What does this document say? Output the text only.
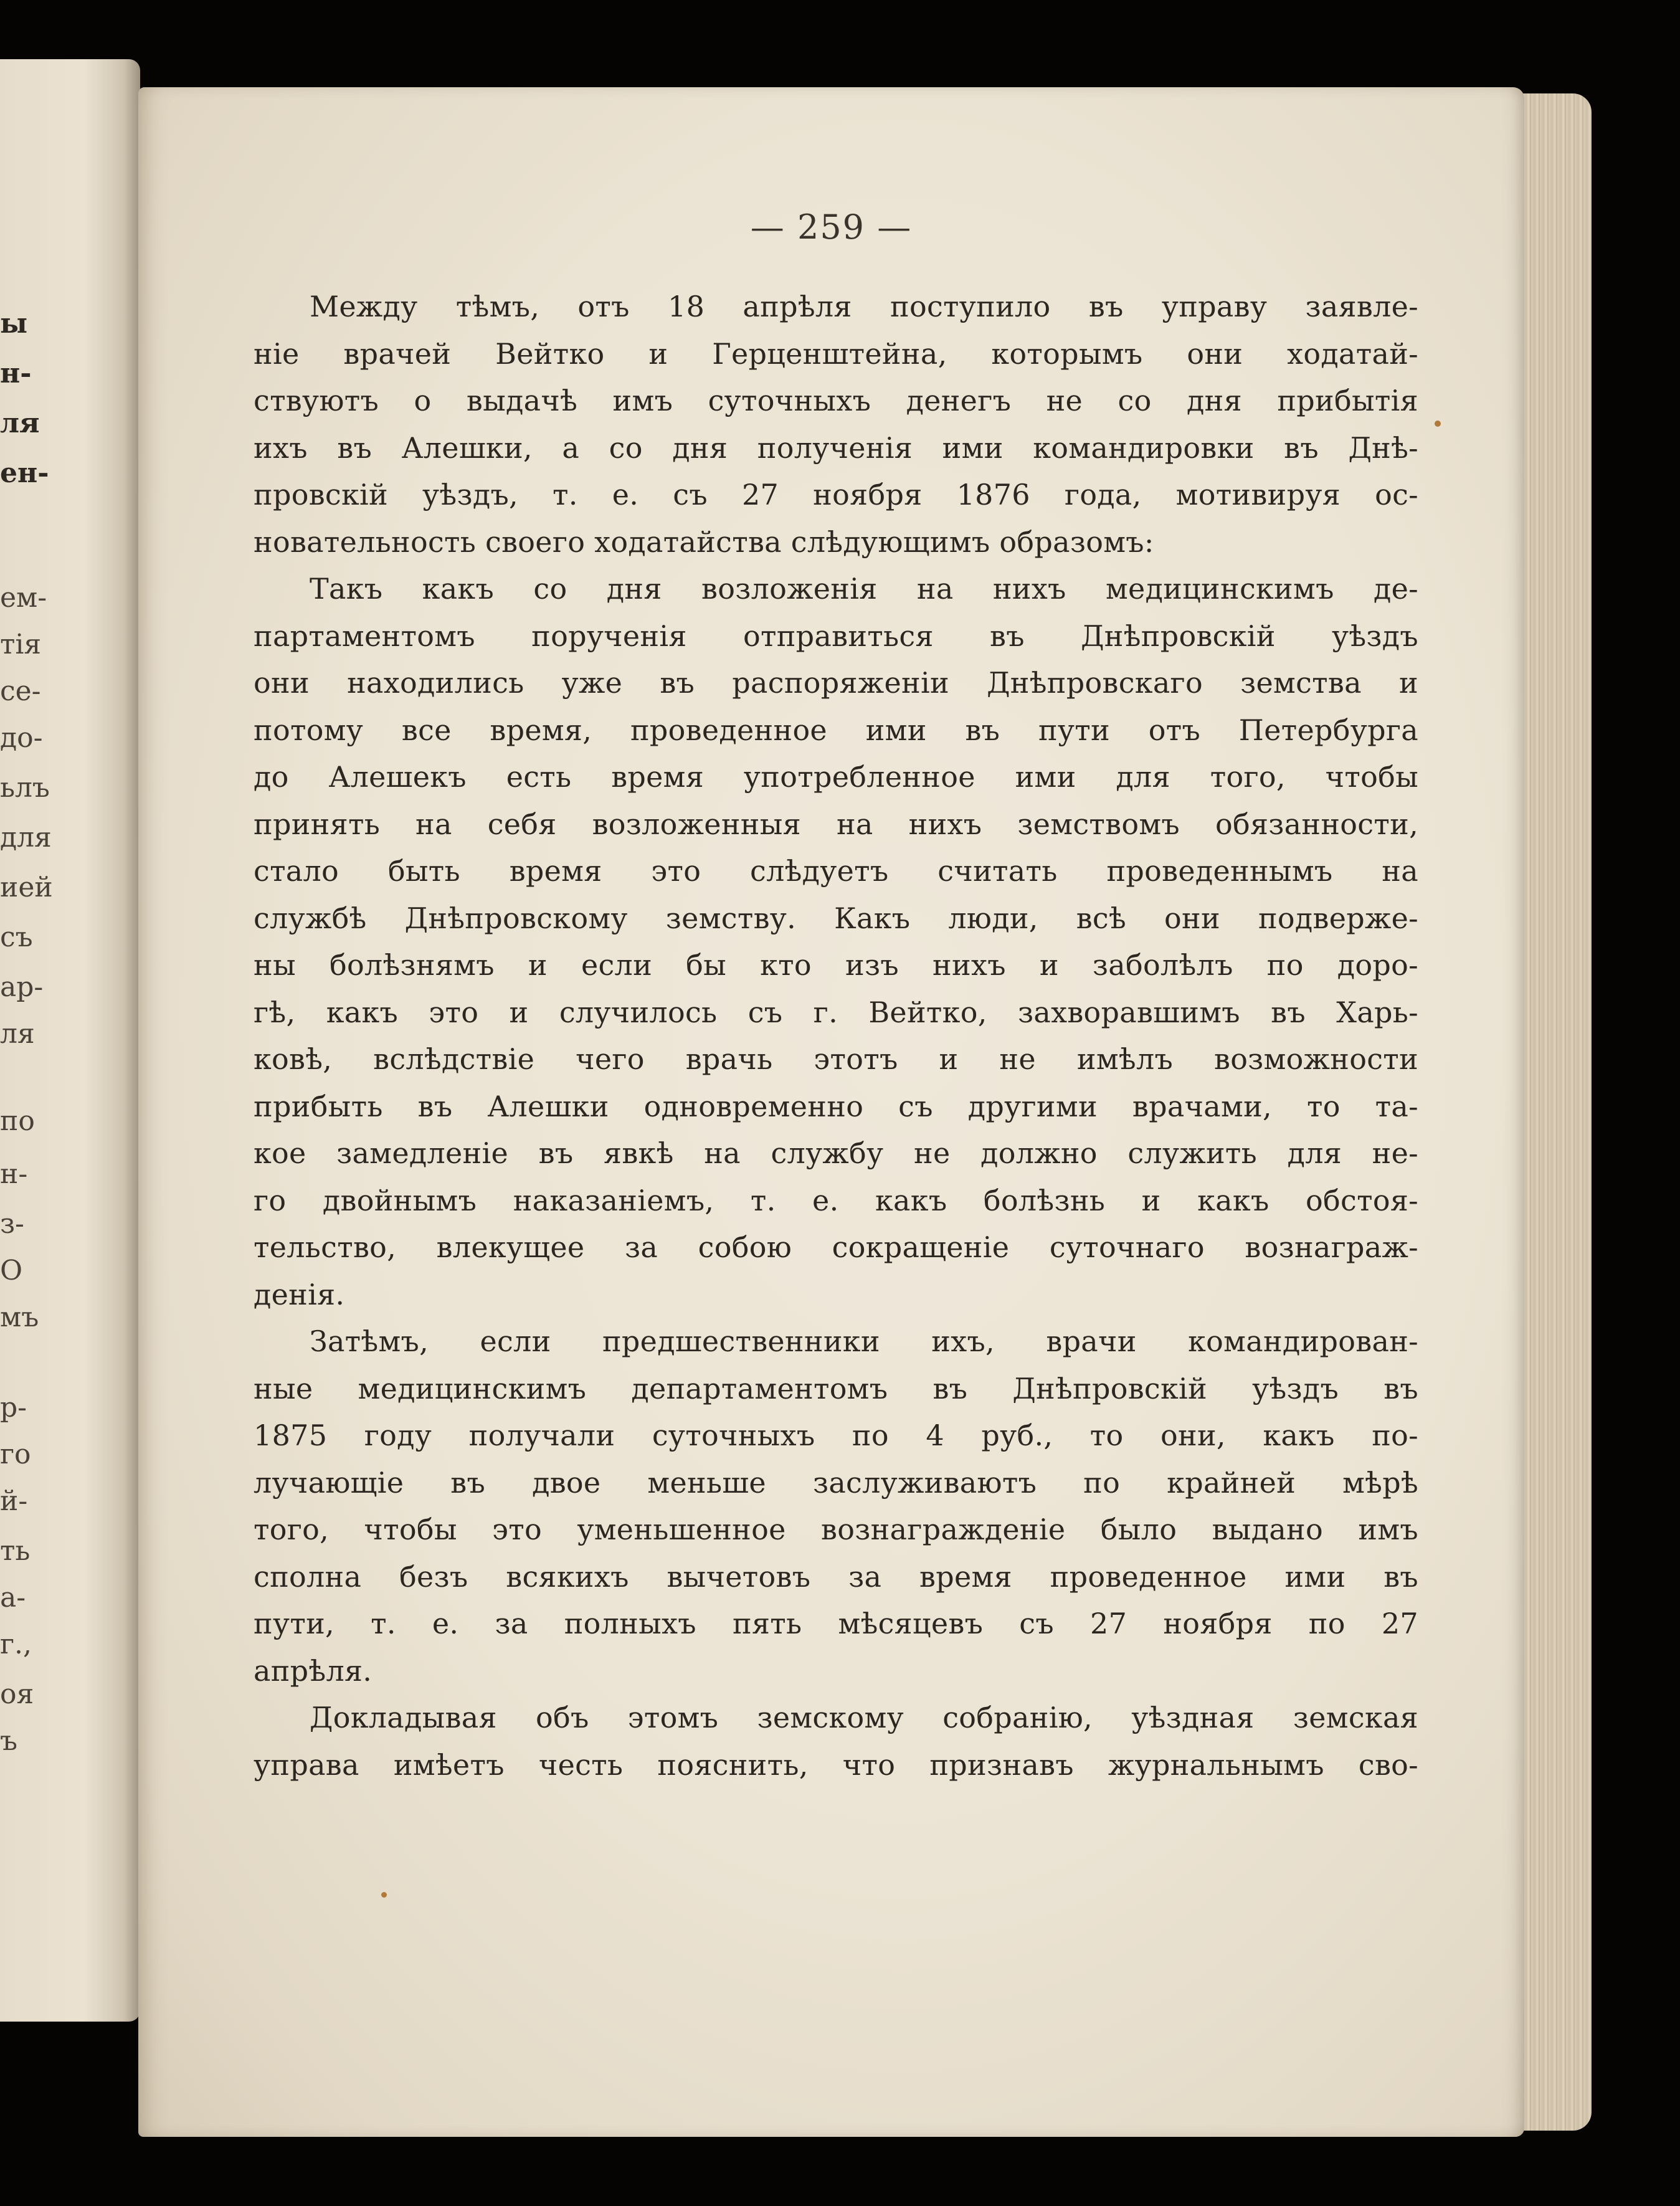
ы
н-
ля
ен-
ем-
тія
се-
до-
ьлъ
для
ией
съ
ар-
ля
по
н-
з-
О
мъ
р-
го
й-
ть
а-
г.,
оя
ъ
— 259 —
Между тѣмъ, отъ 18 апрѣля поступило въ управу заявле-
ніе врачей Вейтко и Герценштейна, которымъ они ходатай-
ствуютъ о выдачѣ имъ суточныхъ денегъ не со дня прибытія
ихъ въ Алешки, а со дня полученія ими командировки въ Днѣ-
провскій уѣздъ, т. е. съ 27 ноября 1876 года, мотивируя ос-
новательность своего ходатайства слѣдующимъ образомъ:
Такъ какъ со дня возложенія на нихъ медицинскимъ де-
партаментомъ порученія отправиться въ Днѣпровскій уѣздъ
они находились уже въ распоряженіи Днѣпровскаго земства и
потому все время, проведенное ими въ пути отъ Петербурга
до Алешекъ есть время употребленное ими для того, чтобы
принять на себя возложенныя на нихъ земствомъ обязанности,
стало быть время это слѣдуетъ считать проведеннымъ на
службѣ Днѣпровскому земству. Какъ люди, всѣ они подверже-
ны болѣзнямъ и если бы кто изъ нихъ и заболѣлъ по доро-
гѣ, какъ это и случилось съ г. Вейтко, захворавшимъ въ Харь-
ковѣ, вслѣдствіе чего врачь этотъ и не имѣлъ возможности
прибыть въ Алешки одновременно съ другими врачами, то та-
кое замедленіе въ явкѣ на службу не должно служить для не-
го двойнымъ наказаніемъ, т. е. какъ болѣзнь и какъ обстоя-
тельство, влекущее за собою сокращеніе суточнаго вознаграж-
денія.
Затѣмъ, если предшественники ихъ, врачи командирован-
ные медицинскимъ департаментомъ въ Днѣпровскій уѣздъ въ
1875 году получали суточныхъ по 4 руб., то они, какъ по-
лучающіе въ двое меньше заслуживаютъ по крайней мѣрѣ
того, чтобы это уменьшенное вознагражденіе было выдано имъ
сполна безъ всякихъ вычетовъ за время проведенное ими въ
пути, т. е. за полныхъ пять мѣсяцевъ съ 27 ноября по 27
апрѣля.
Докладывая объ этомъ земскому собранію, уѣздная земская
управа имѣетъ честь пояснить, что признавъ журнальнымъ сво-
